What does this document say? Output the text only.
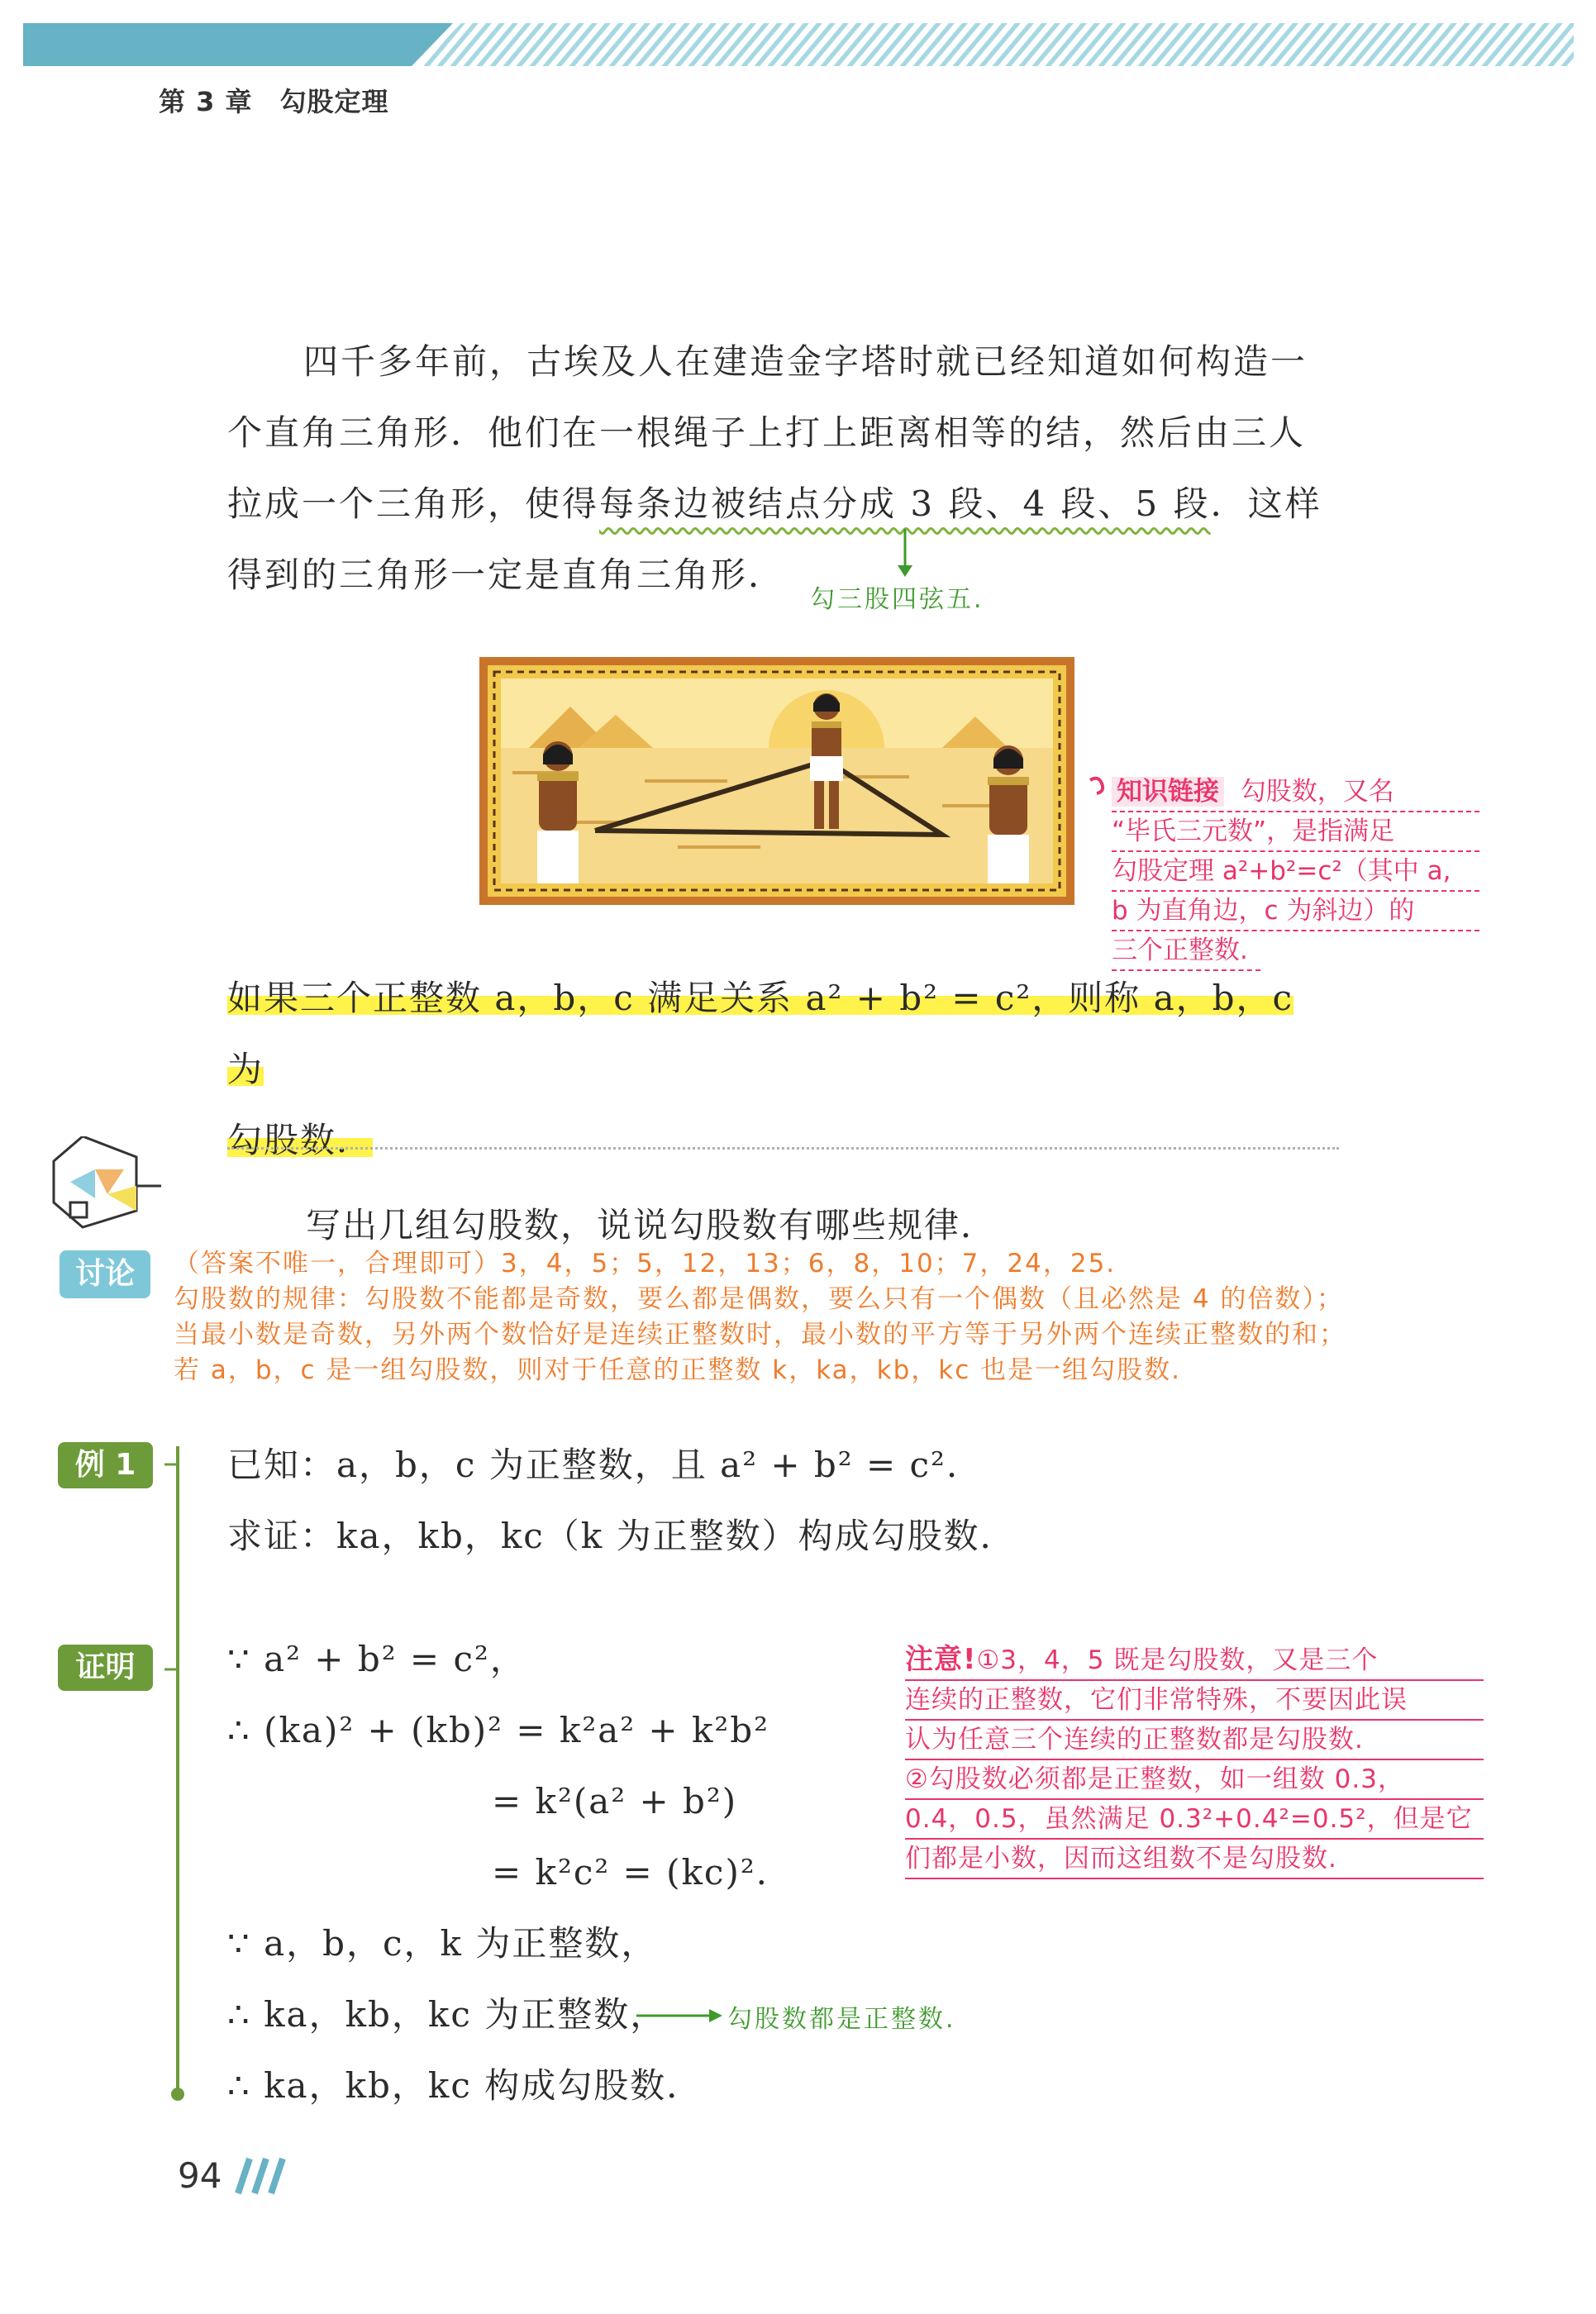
第 3 章　勾股定理
四千多年前，古埃及人在建造金字塔时就已经知道如何构造一个直角三角形．他们在一根绳子上打上距离相等的结，然后由三人拉成一个三角形，使得每条边被结点分成 3 段、4 段、5 段．这样得到的三角形一定是直角三角形．
勾三股四弦五.
知识链接 勾股数，又名
“毕氏三元数”，是指满足
勾股定理 a²+b²=c²（其中 a,
b 为直角边，c 为斜边）的
三个正整数.
如果三个正整数 a，b，c 满足关系 a² + b² = c²，则称 a，b，c 为
勾股数．
讨论
写出几组勾股数，说说勾股数有哪些规律．
（答案不唯一，合理即可）3，4，5；5，12，13；6，8，10；7，24，25.
勾股数的规律：勾股数不能都是奇数，要么都是偶数，要么只有一个偶数（且必然是 4 的倍数）；
当最小数是奇数，另外两个数恰好是连续正整数时，最小数的平方等于另外两个连续正整数的和；
若 a，b，c 是一组勾股数，则对于任意的正整数 k，ka，kb，kc 也是一组勾股数.
例 1
证明
已知：a，b，c 为正整数，且 a² + b² = c².
求证：ka，kb，kc（k 为正整数）构成勾股数．
∵ a² + b² = c²，
∴ (ka)² + (kb)² = k²a² + k²b²
= k²(a² + b²)
= k²c² = (kc)².
∵ a，b，c，k 为正整数，
∴ ka，kb，kc 为正整数，
∴ ka，kb，kc 构成勾股数．
勾股数都是正整数.
注意!①3，4，5 既是勾股数，又是三个
连续的正整数，它们非常特殊，不要因此误
认为任意三个连续的正整数都是勾股数.
②勾股数必须都是正整数，如一组数 0.3，
0.4，0.5，虽然满足 0.3²+0.4²=0.5²，但是它
们都是小数，因而这组数不是勾股数.
94
